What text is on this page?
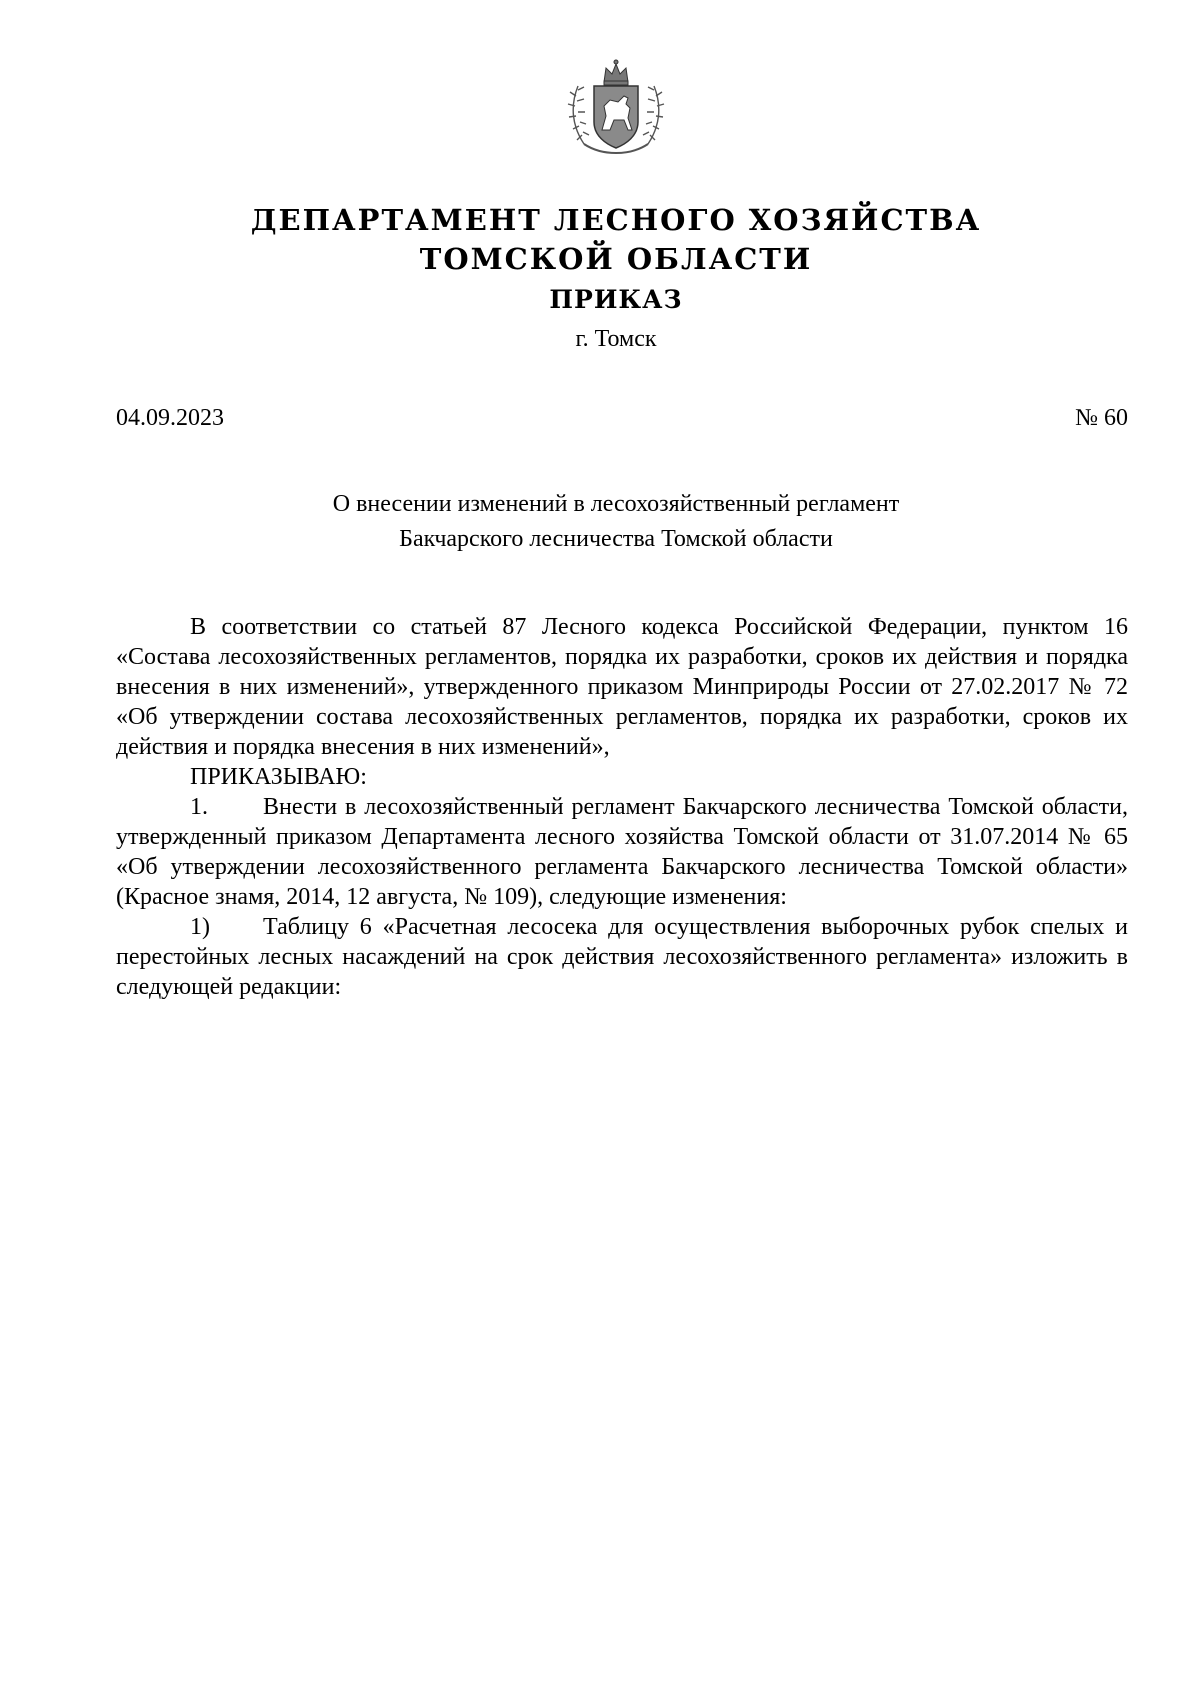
ДЕПАРТАМЕНТ ЛЕСНОГО ХОЗЯЙСТВА
ТОМСКОЙ ОБЛАСТИ
ПРИКАЗ
г. Томск
04.09.2023	№ 60
О внесении изменений в лесохозяйственный регламент
Бакчарского лесничества Томской области

В соответствии со статьей 87 Лесного кодекса Российской Федерации, пунктом 16 «Состава лесохозяйственных регламентов, порядка их разработки, сроков их действия и порядка внесения в них изменений», утвержденного приказом Минприроды России от 27.02.2017 № 72 «Об утверждении состава лесохозяйственных регламентов, порядка их разработки, сроков их действия и порядка внесения в них изменений»,

ПРИКАЗЫВАЮ:

1. Внести в лесохозяйственный регламент Бакчарского лесничества Томской области, утвержденный приказом Департамента лесного хозяйства Томской области от 31.07.2014 № 65 «Об утверждении лесохозяйственного регламента Бакчарского лесничества Томской области» (Красное знамя, 2014, 12 августа, № 109), следующие изменения:

1) Таблицу 6 «Расчетная лесосека для осуществления выборочных рубок спелых и перестойных лесных насаждений на срок действия лесохозяйственного регламента» изложить в следующей редакции:
